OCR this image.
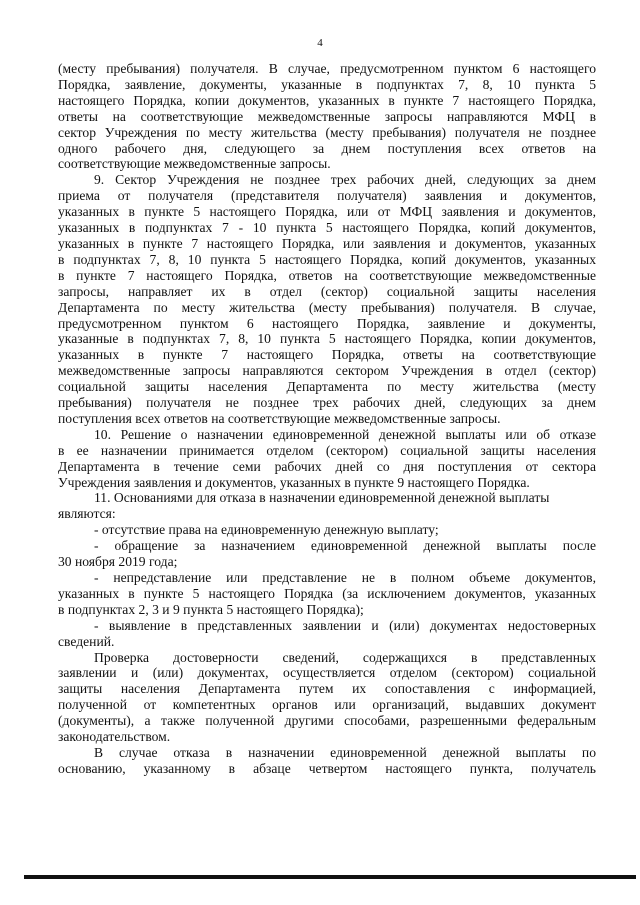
4
(месту пребывания) получателя. В случае, предусмотренном пунктом 6 настоящего
Порядка, заявление, документы, указанные в подпунктах 7, 8, 10 пункта 5
настоящего Порядка, копии документов, указанных в пункте 7 настоящего Порядка,
ответы на соответствующие межведомственные запросы направляются МФЦ в
сектор Учреждения по месту жительства (месту пребывания) получателя не позднее
одного рабочего дня, следующего за днем поступления всех ответов на
соответствующие межведомственные запросы.
9. Сектор Учреждения не позднее трех рабочих дней, следующих за днем
приема от получателя (представителя получателя) заявления и документов,
указанных в пункте 5 настоящего Порядка, или от МФЦ заявления и документов,
указанных в подпунктах 7 - 10 пункта 5 настоящего Порядка, копий документов,
указанных в пункте 7 настоящего Порядка, или заявления и документов, указанных
в подпунктах 7, 8, 10 пункта 5 настоящего Порядка, копий документов, указанных
в пункте 7 настоящего Порядка, ответов на соответствующие межведомственные
запросы, направляет их в отдел (сектор) социальной защиты населения
Департамента по месту жительства (месту пребывания) получателя. В случае,
предусмотренном пунктом 6 настоящего Порядка, заявление и документы,
указанные в подпунктах 7, 8, 10 пункта 5 настоящего Порядка, копии документов,
указанных в пункте 7 настоящего Порядка, ответы на соответствующие
межведомственные запросы направляются сектором Учреждения в отдел (сектор)
социальной защиты населения Департамента по месту жительства (месту
пребывания) получателя не позднее трех рабочих дней, следующих за днем
поступления всех ответов на соответствующие межведомственные запросы.
10. Решение о назначении единовременной денежной выплаты или об отказе
в ее назначении принимается отделом (сектором) социальной защиты населения
Департамента в течение семи рабочих дней со дня поступления от сектора
Учреждения заявления и документов, указанных в пункте 9 настоящего Порядка.
11. Основаниями для отказа в назначении единовременной денежной выплаты
являются:
- отсутствие права на единовременную денежную выплату;
- обращение за назначением единовременной денежной выплаты после
30 ноября 2019 года;
- непредставление или представление не в полном объеме документов,
указанных в пункте 5 настоящего Порядка (за исключением документов, указанных
в подпунктах 2, 3 и 9 пункта 5 настоящего Порядка);
- выявление в представленных заявлении и (или) документах недостоверных
сведений.
Проверка достоверности сведений, содержащихся в представленных
заявлении и (или) документах, осуществляется отделом (сектором) социальной
защиты населения Департамента путем их сопоставления с информацией,
полученной от компетентных органов или организаций, выдавших документ
(документы), а также полученной другими способами, разрешенными федеральным
законодательством.
В случае отказа в назначении единовременной денежной выплаты по
основанию, указанному в абзаце четвертом настоящего пункта, получатель
